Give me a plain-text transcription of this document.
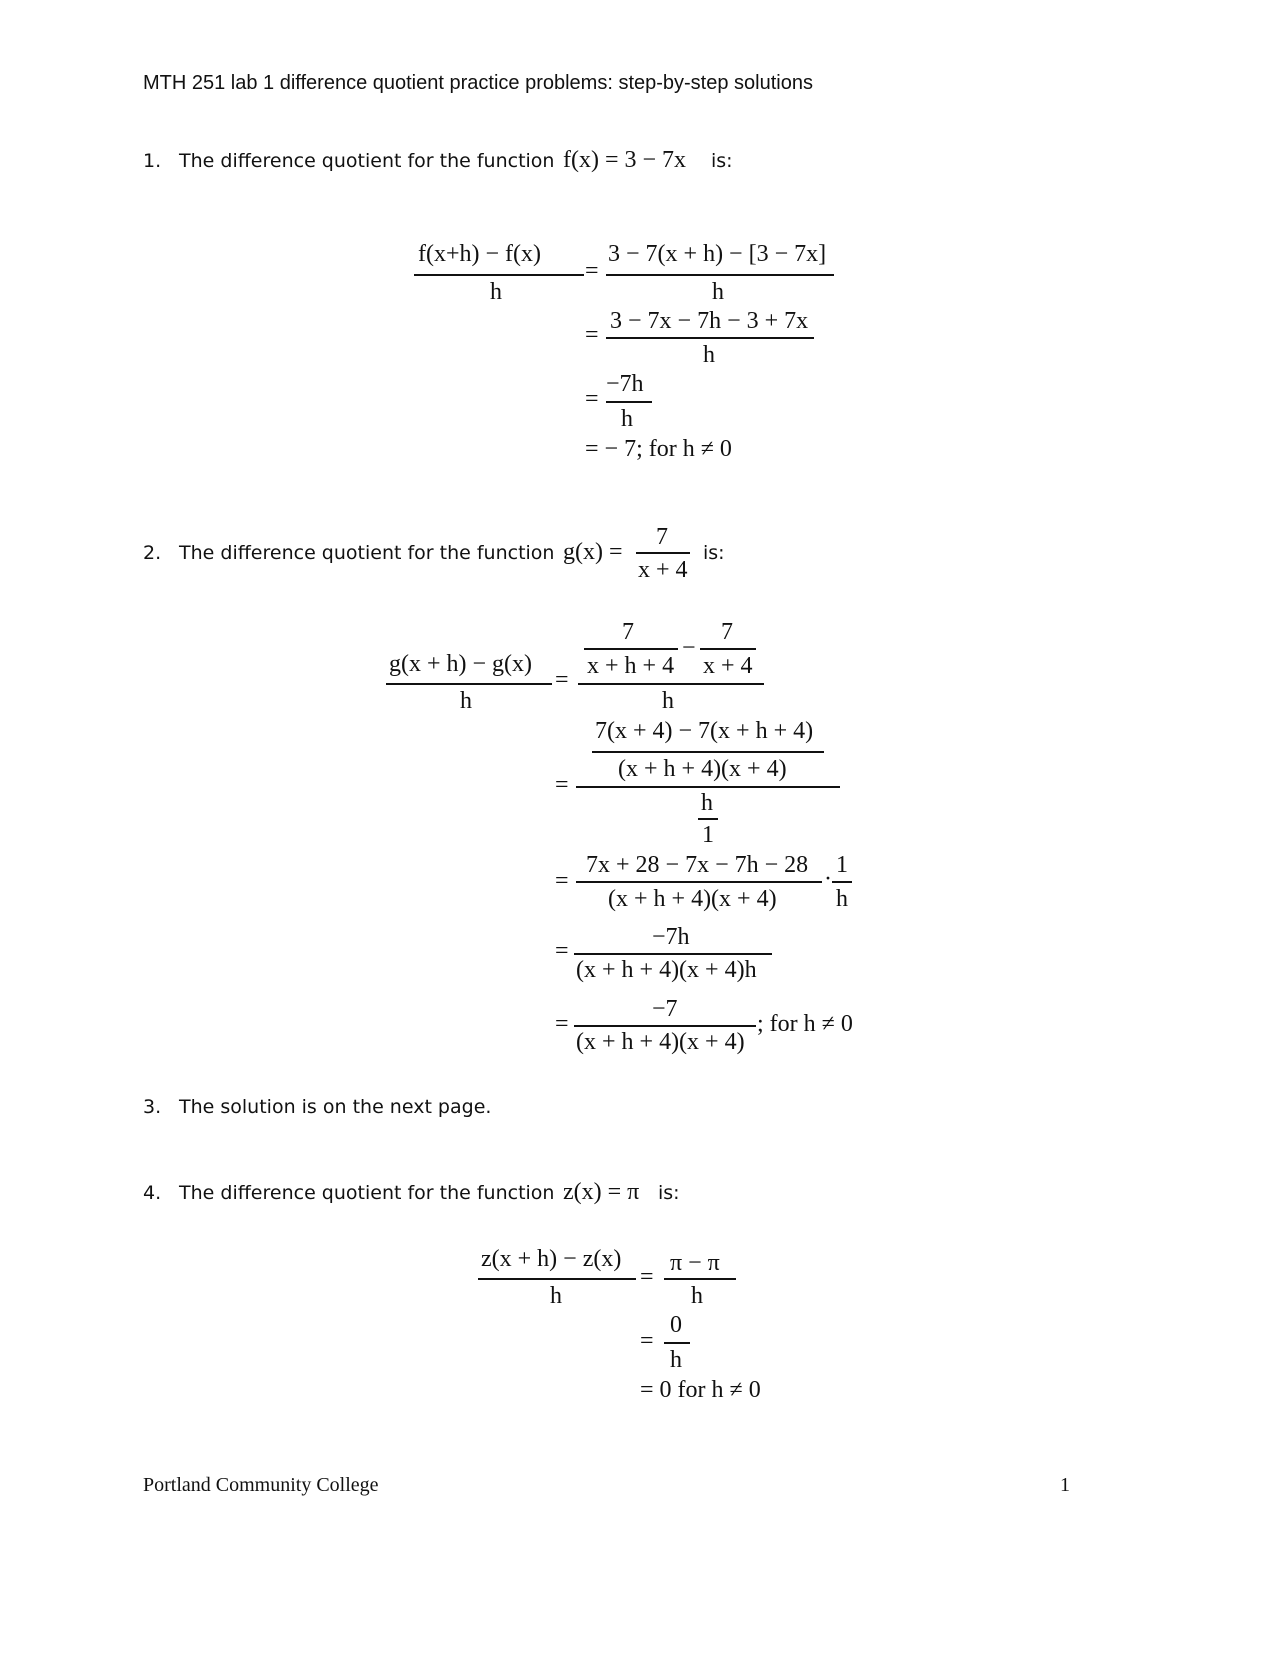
MTH 251 lab 1 difference quotient practice problems: step-by-step solutions
1. The difference quotient for the function f(x) = 3 − 7x is:
f(x+h) − f(x)
h
=
3 − 7(x + h) − [3 − 7x]
h
=
3 − 7x − 7h − 3 + 7x
h
=
−7h
h
= − 7; for h ≠ 0
2. The difference quotient for the function g(x) =
7
x + 4
is:
g(x + h) − g(x)
h
=
7
x + h + 4
−
7
x + 4
h
7(x + 4) − 7(x + h + 4)
(x + h + 4)(x + 4)
=
h
1
=
7x + 28 − 7x − 7h − 28
(x + h + 4)(x + 4)
·
1
h
=
−7h
(x + h + 4)(x + 4)h
=
−7
(x + h + 4)(x + 4)
; for h ≠ 0
3. The solution is on the next page.
4. The difference quotient for the function z(x) = π is:
z(x + h) − z(x)
h
=
π − π
h
=
0
h
= 0 for h ≠ 0
Portland Community College	1
